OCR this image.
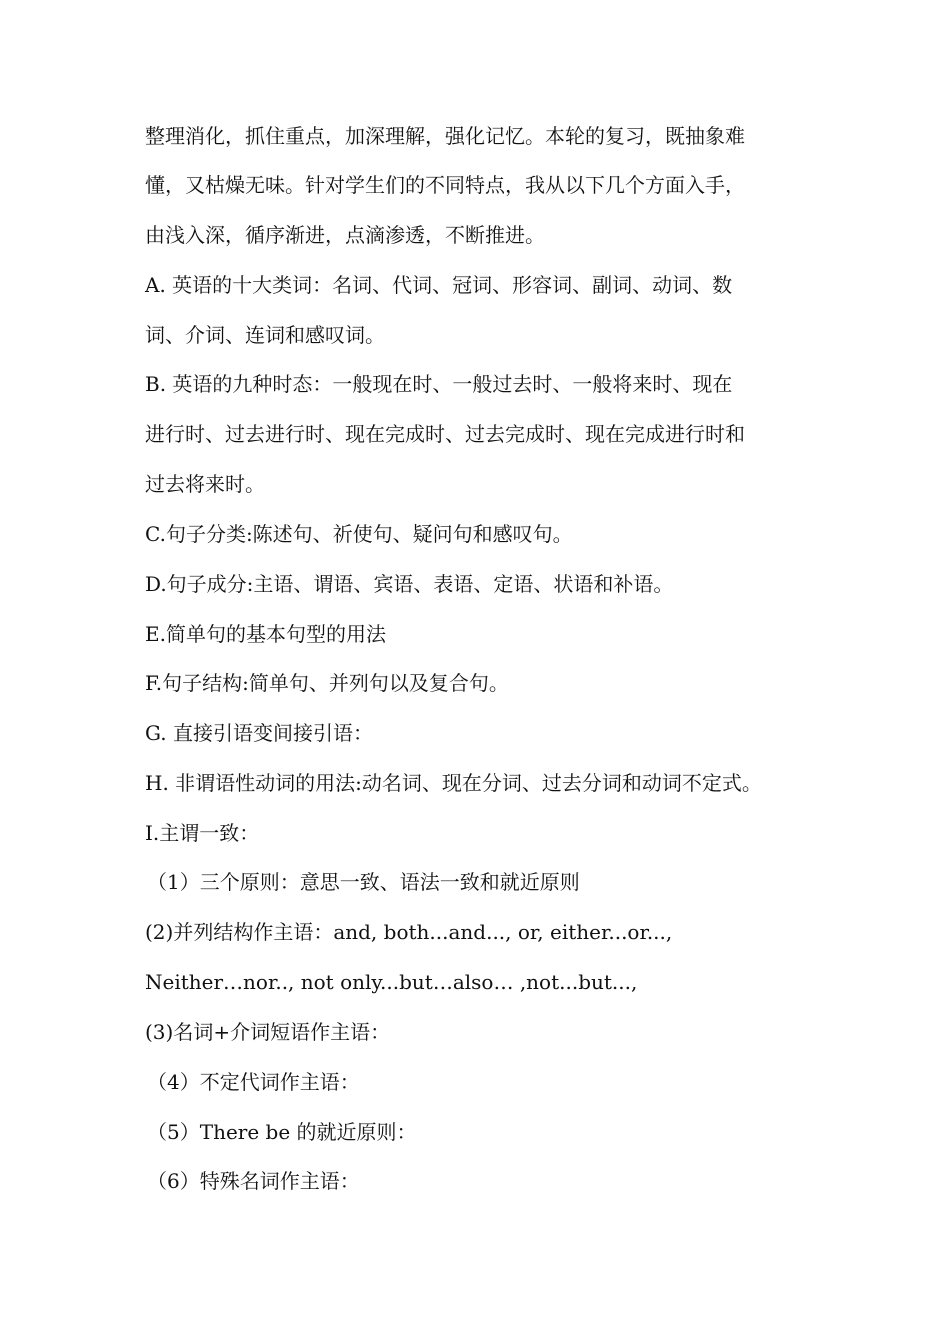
整理消化，抓住重点，加深理解，强化记忆。本轮的复习，既抽象难
懂，又枯燥无味。针对学生们的不同特点，我从以下几个方面入手，
由浅入深，循序渐进，点滴渗透，不断推进。
A. 英语的十大类词：名词、代词、冠词、形容词、副词、动词、数
词、介词、连词和感叹词。
B. 英语的九种时态：一般现在时、一般过去时、一般将来时、现在
进行时、过去进行时、现在完成时、过去完成时、现在完成进行时和
过去将来时。
C.句子分类:陈述句、祈使句、疑问句和感叹句。
D.句子成分:主语、谓语、宾语、表语、定语、状语和补语。
E.简单句的基本句型的用法
F.句子结构:简单句、并列句以及复合句。
G. 直接引语变间接引语：
H. 非谓语性动词的用法:动名词、现在分词、过去分词和动词不定式。
I.主谓一致：
（1）三个原则：意思一致、语法一致和就近原则
(2)并列结构作主语：and, both...and..., or, either...or...,
Neither…nor.., not only...but…also… ,not...but...,
(3)名词+介词短语作主语：
（4）不定代词作主语：
（5）There be 的就近原则：
（6）特殊名词作主语：
